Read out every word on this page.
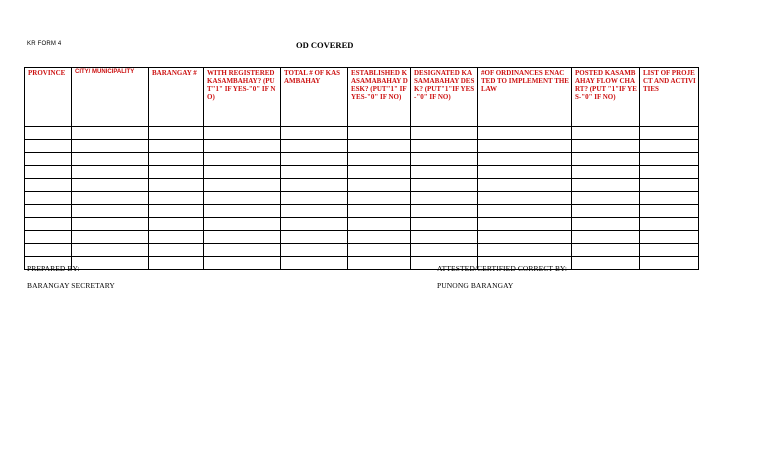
KR FORM 4	OD COVERED
PROVINCE	CITY/ MUNICIPALITY	BARANGAY #	WITH REGISTERED KASAMBAHAY? (PUT"1" IF YES-"0" IF NO)	TOTAL # OF KASAMBAHAY	ESTABLISHED KASAMABAHAY DESK? (PUT"1" IF YES-"0" IF NO)	DESIGNATED KASAMABAHAY DESK? (PUT"1"IF YES-"0" IF NO)	#OF ORDINANCES ENACTED TO IMPLEMENT THE LAW	POSTED KASAMBAHAY FLOW CHART? (PUT "1"IF YES-"0" IF NO)	LIST OF PROJECT AND ACTIVITIES

PREPARED BY:	ATTESTED/CERTIFIED CORRECT BY:
BARANGAY SECRETARY	PUNONG BARANGAY
